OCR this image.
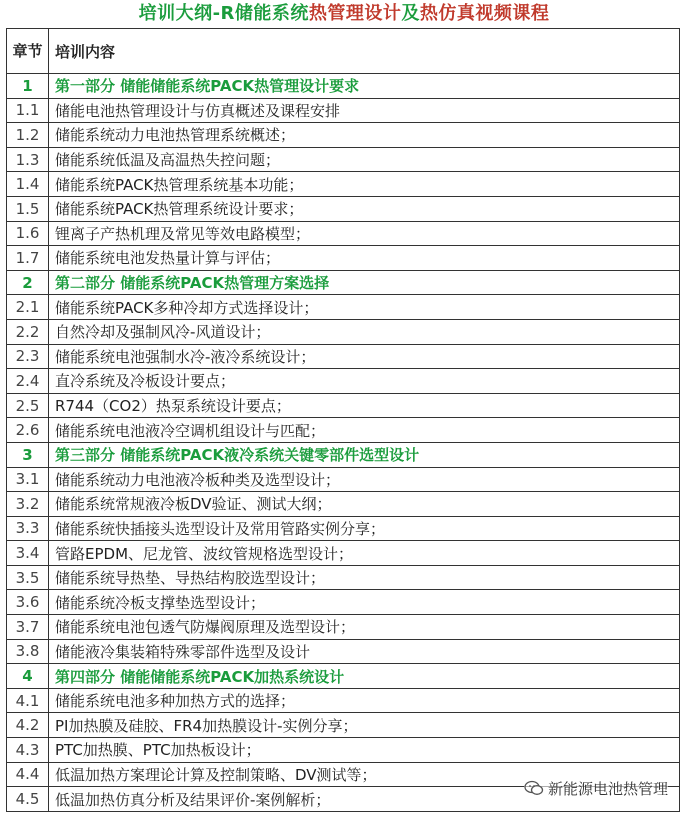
培训大纲-R储能系统热管理设计及热仿真视频课程
章节	培训内容
1	第一部分 储能储能系统PACK热管理设计要求
1.1	储能电池热管理设计与仿真概述及课程安排
1.2	储能系统动力电池热管理系统概述；
1.3	储能系统低温及高温热失控问题；
1.4	储能系统PACK热管理系统基本功能；
1.5	储能系统PACK热管理系统设计要求；
1.6	锂离子产热机理及常见等效电路模型；
1.7	储能系统电池发热量计算与评估；
2	第二部分 储能系统PACK热管理方案选择
2.1	储能系统PACK多种冷却方式选择设计；
2.2	自然冷却及强制风冷-风道设计；
2.3	储能系统电池强制水冷-液冷系统设计；
2.4	直冷系统及冷板设计要点；
2.5	R744（CO2）热泵系统设计要点；
2.6	储能系统电池液冷空调机组设计与匹配；
3	第三部分 储能系统PACK液冷系统关键零部件选型设计
3.1	储能系统动力电池液冷板种类及选型设计；
3.2	储能系统常规液冷板DV验证、测试大纲；
3.3	储能系统快插接头选型设计及常用管路实例分享；
3.4	管路EPDM、尼龙管、波纹管规格选型设计；
3.5	储能系统导热垫、导热结构胶选型设计；
3.6	储能系统冷板支撑垫选型设计；
3.7	储能系统电池包透气防爆阀原理及选型设计；
3.8	储能液冷集装箱特殊零部件选型及设计
4	第四部分 储能储能系统PACK加热系统设计
4.1	储能系统电池多种加热方式的选择；
4.2	PI加热膜及硅胶、FR4加热膜设计-实例分享；
4.3	PTC加热膜、PTC加热板设计；
4.4	低温加热方案理论计算及控制策略、DV测试等；
4.5	低温加热仿真分析及结果评价-案例解析；
新能源电池热管理
